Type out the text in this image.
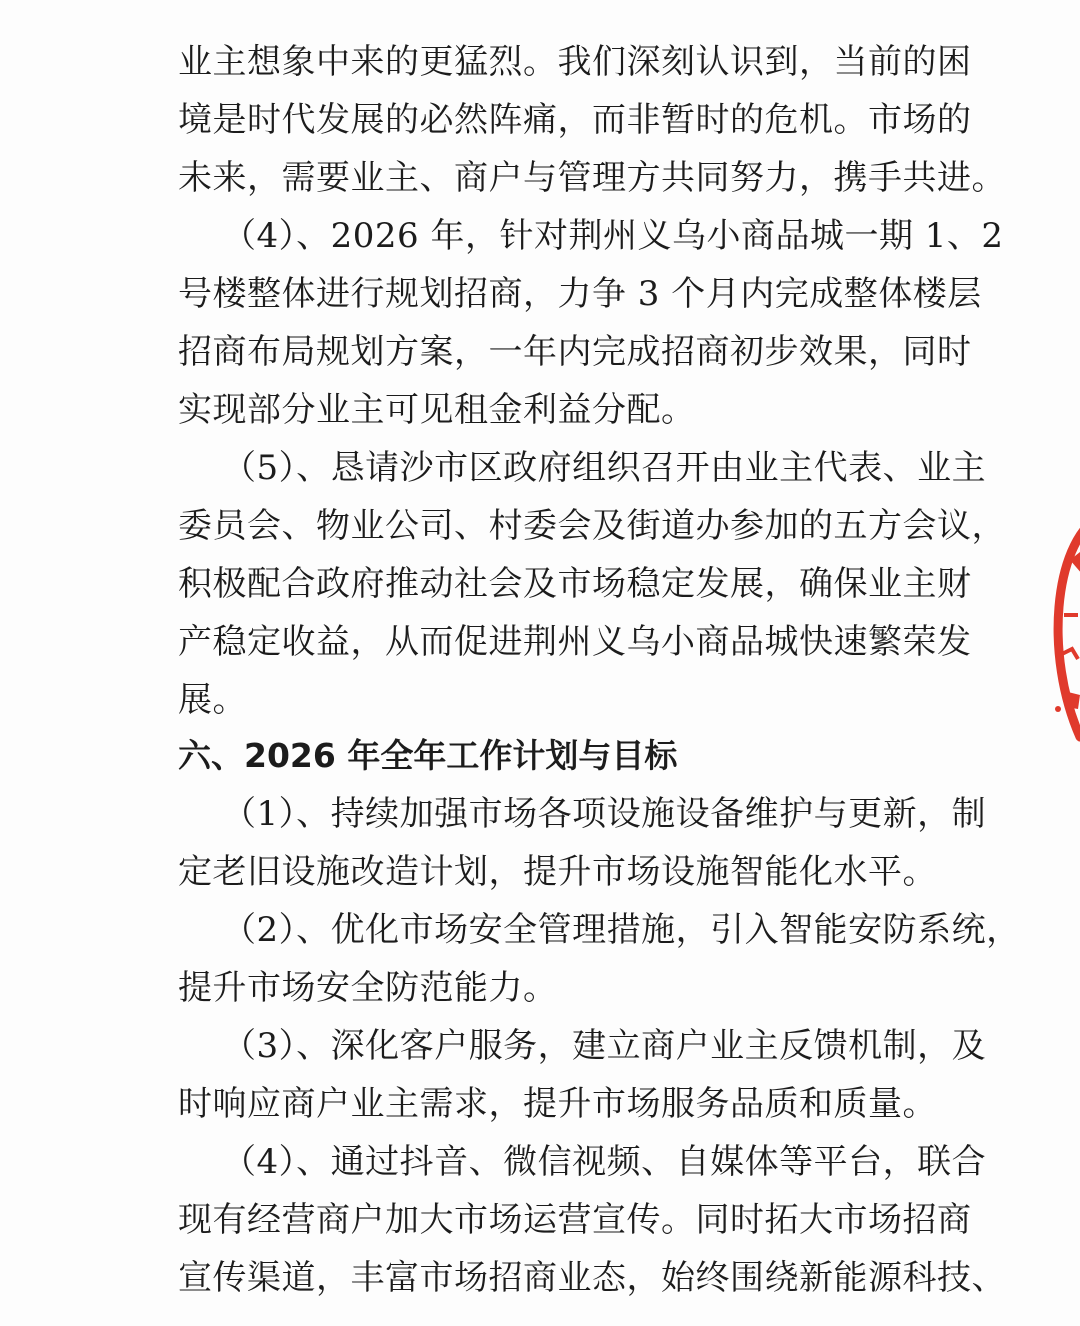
业主想象中来的更猛烈。我们深刻认识到，当前的困
境是时代发展的必然阵痛，而非暂时的危机。市场的
未来，需要业主、商户与管理方共同努力，携手共进。
（4）、2026 年，针对荆州义乌小商品城一期 1、2
号楼整体进行规划招商，力争 3 个月内完成整体楼层
招商布局规划方案，一年内完成招商初步效果，同时
实现部分业主可见租金利益分配。
（5）、恳请沙市区政府组织召开由业主代表、业主
委员会、物业公司、村委会及街道办参加的五方会议，
积极配合政府推动社会及市场稳定发展，确保业主财
产稳定收益，从而促进荆州义乌小商品城快速繁荣发
展。
六、2026 年全年工作计划与目标
（1）、持续加强市场各项设施设备维护与更新，制
定老旧设施改造计划，提升市场设施智能化水平。
（2）、优化市场安全管理措施，引入智能安防系统，
提升市场安全防范能力。
（3）、深化客户服务，建立商户业主反馈机制，及
时响应商户业主需求，提升市场服务品质和质量。
（4）、通过抖音、微信视频、自媒体等平台，联合
现有经营商户加大市场运营宣传。同时拓大市场招商
宣传渠道，丰富市场招商业态，始终围绕新能源科技、
